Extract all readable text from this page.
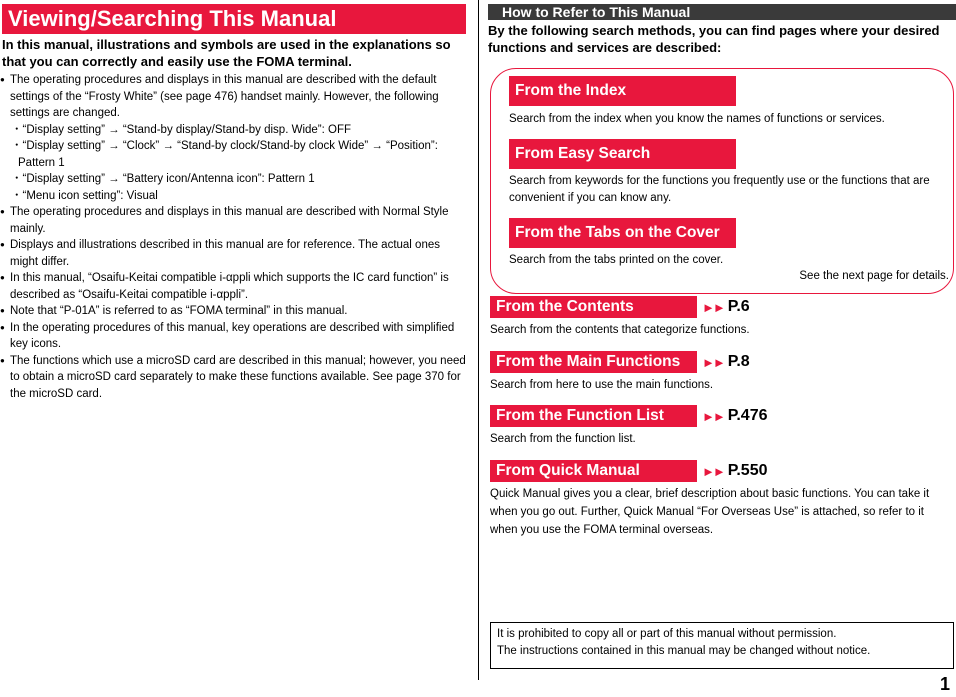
Viewing/Searching This Manual
In this manual, illustrations and symbols are used in the explanations so that you can correctly and easily use the FOMA terminal.
● The operating procedures and displays in this manual are described with the default settings of the “Frosty White” (see page 476) handset mainly. However, the following settings are changed.
・“Display setting” → “Stand-by display/Stand-by disp. Wide”: OFF
・“Display setting” → “Clock” → “Stand-by clock/Stand-by clock Wide” → “Position”: Pattern 1
・“Display setting” → “Battery icon/Antenna icon”: Pattern 1
・“Menu icon setting”: Visual
● The operating procedures and displays in this manual are described with Normal Style mainly.
● Displays and illustrations described in this manual are for reference. The actual ones might differ.
● In this manual, “Osaifu-Keitai compatible i-αppli which supports the IC card function” is described as “Osaifu-Keitai compatible i-αppli”.
● Note that “P-01A” is referred to as “FOMA terminal” in this manual.
● In the operating procedures of this manual, key operations are described with simplified key icons.
● The functions which use a microSD card are described in this manual; however, you need to obtain a microSD card separately to make these functions available. See page 370 for the microSD card.
How to Refer to This Manual
By the following search methods, you can find pages where your desired functions and services are described:
From the Index
Search from the index when you know the names of functions or services.
From Easy Search
Search from keywords for the functions you frequently use or the functions that are convenient if you can know any.
From the Tabs on the Cover
Search from the tabs printed on the cover.
See the next page for details.
From the Contents	►► P.6
Search from the contents that categorize functions.
From the Main Functions ►► P.8
Search from here to use the main functions.
From the Function List	►► P.476
Search from the function list.
From Quick Manual	►► P.550
Quick Manual gives you a clear, brief description about basic functions. You can take it when you go out. Further, Quick Manual “For Overseas Use” is attached, so refer to it when you use the FOMA terminal overseas.
It is prohibited to copy all or part of this manual without permission.
The instructions contained in this manual may be changed without notice.
1
